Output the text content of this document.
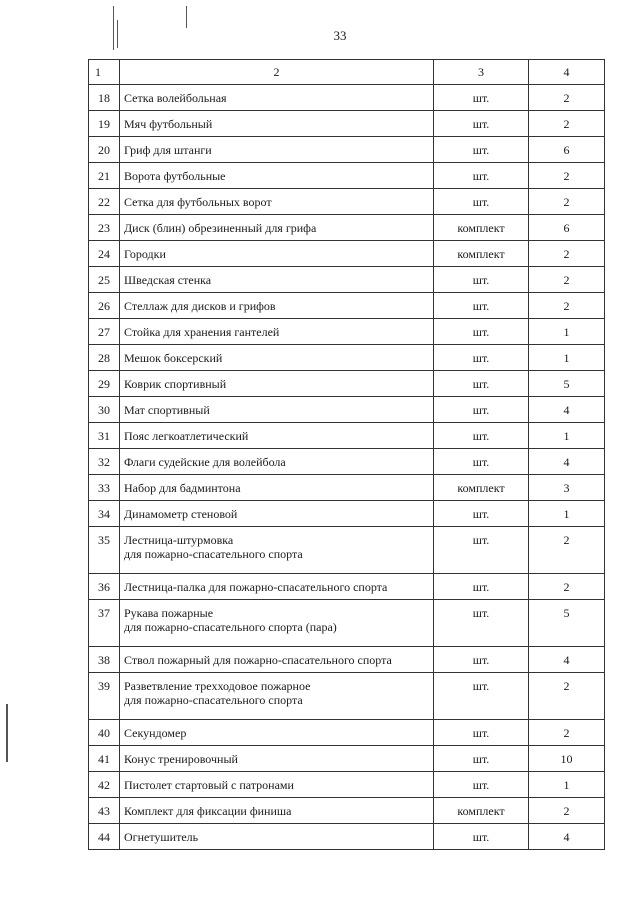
33
1	2	3	4
18	Сетка волейбольная	шт.	2
19	Мяч футбольный	шт.	2
20	Гриф для штанги	шт.	6
21	Ворота футбольные	шт.	2
22	Сетка для футбольных ворот	шт.	2
23	Диск (блин) обрезиненный для грифа	комплект	6
24	Городки	комплект	2
25	Шведская стенка	шт.	2
26	Стеллаж для дисков и грифов	шт.	2
27	Стойка для хранения гантелей	шт.	1
28	Мешок боксерский	шт.	1
29	Коврик спортивный	шт.	5
30	Мат спортивный	шт.	4
31	Пояс легкоатлетический	шт.	1
32	Флаги судейские для волейбола	шт.	4
33	Набор для бадминтона	комплект	3
34	Динамометр стеновой	шт.	1
35	Лестница-штурмовка
для пожарно-спасательного спорта	шт.	2
36	Лестница-палка для пожарно-спасательного спорта	шт.	2
37	Рукава пожарные
для пожарно-спасательного спорта (пара)	шт.	5
38	Ствол пожарный для пожарно-спасательного спорта	шт.	4
39	Разветвление трехходовое пожарное
для пожарно-спасательного спорта	шт.	2
40	Секундомер	шт.	2
41	Конус тренировочный	шт.	10
42	Пистолет стартовый с патронами	шт.	1
43	Комплект для фиксации финиша	комплект	2
44	Огнетушитель	шт.	4
